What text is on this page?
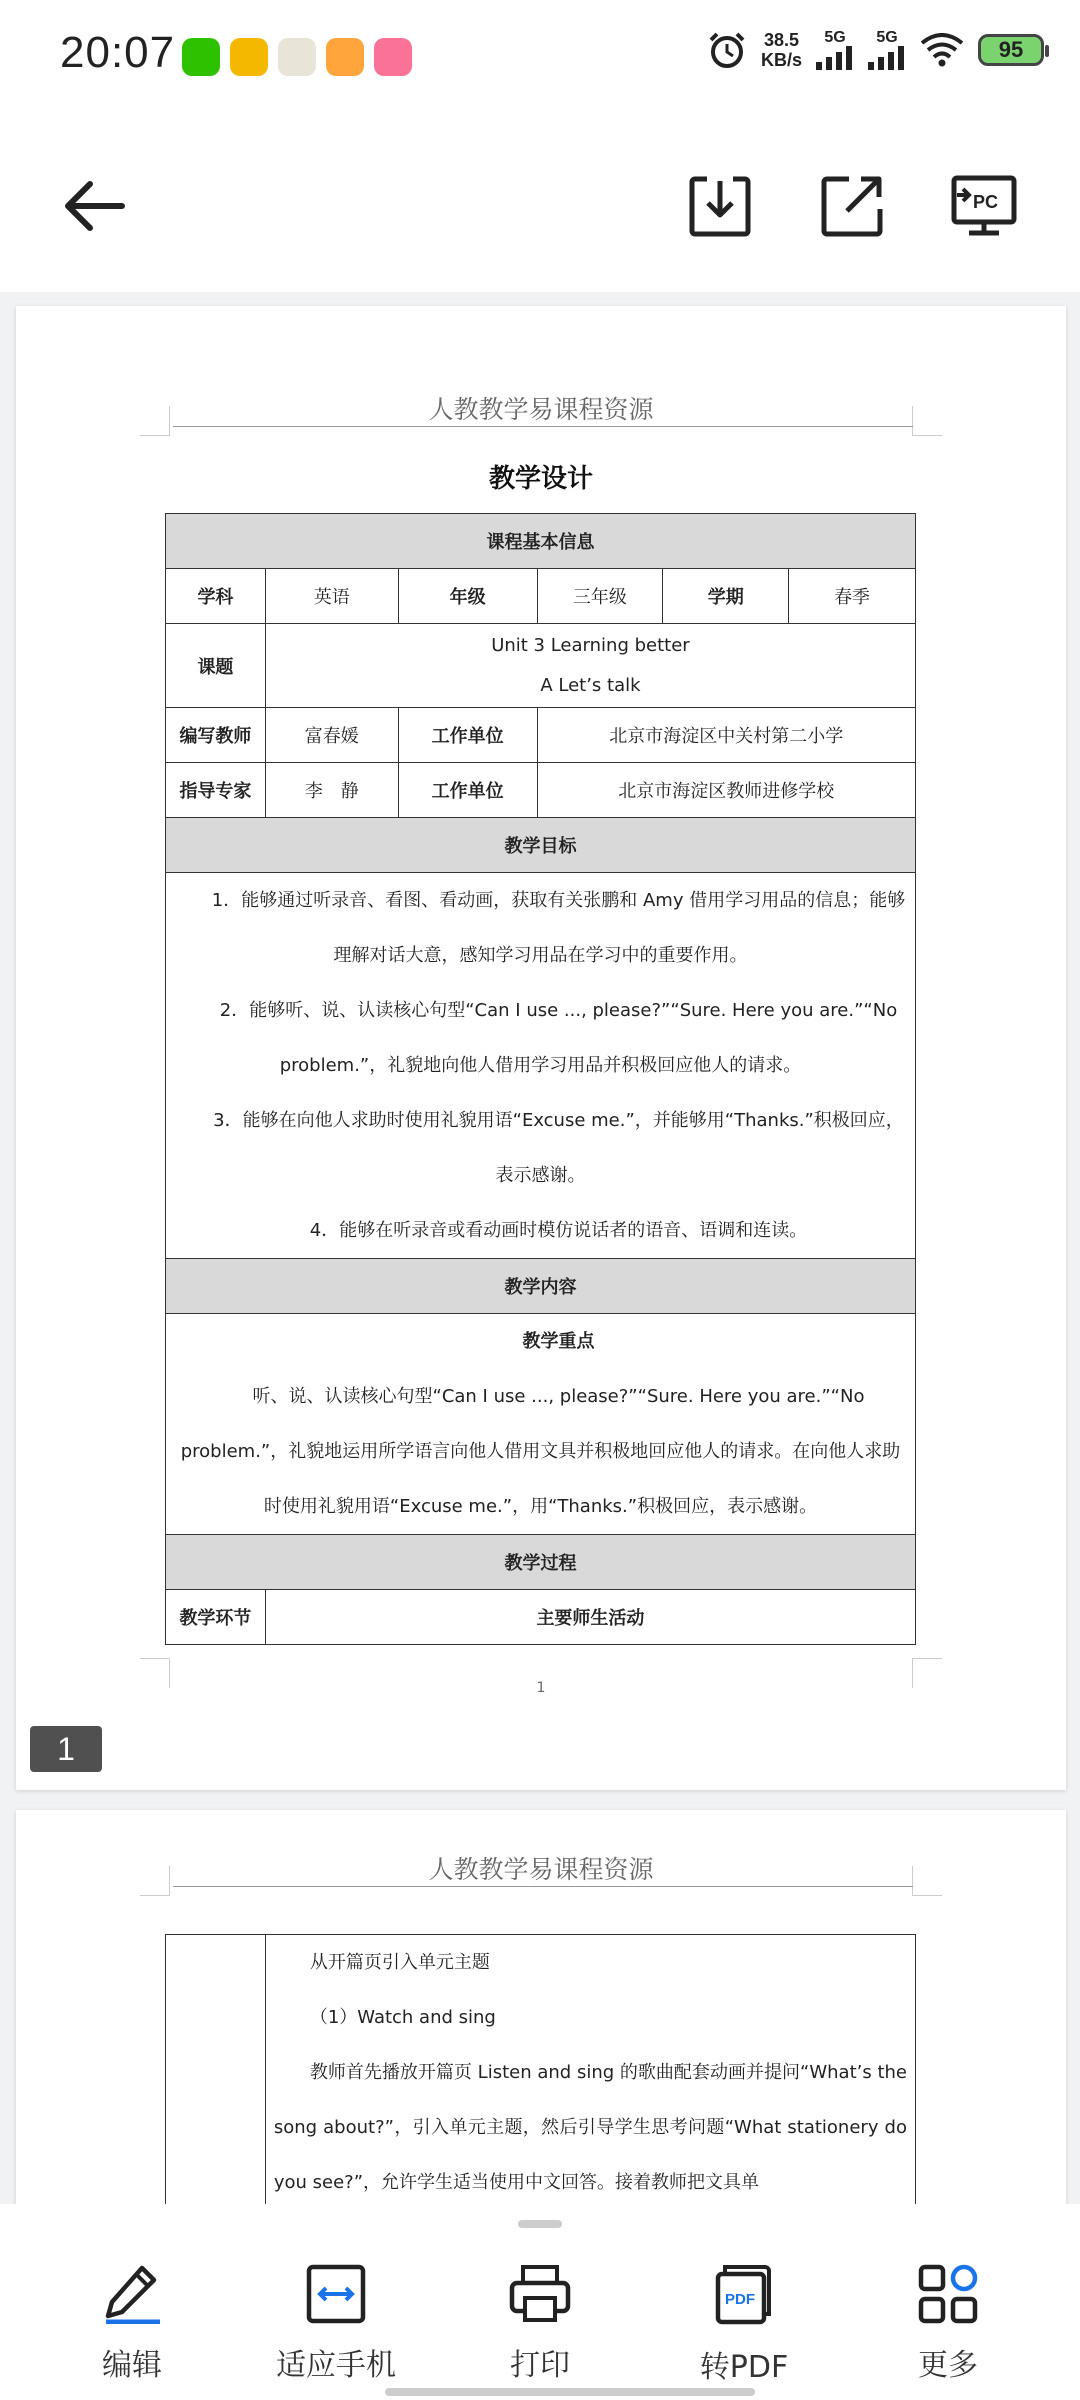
20:07	38.5
KB/s
5G 5G	95
PC
人教教学易课程资源
教学设计
课程基本信息					
学科	英语	年级	三年级	学期	春季
课题	Unit 3 Learning better
A Let’s talk				

编写教师	富春媛	工作单位	北京市海淀区中关村第二小学		
指导专家	李　静	工作单位	北京市海淀区教师进修学校		
教学目标					

1．能够通过听录音、看图、看动画，获取有关张鹏和 Amy 借用学习用品的信息；能够理解对话大意，感知学习用品在学习中的重要作用。
2．能够听、说、认读核心句型“Can I use ..., please?”“Sure. Here you are.”“No problem.”，礼貌地向他人借用学习用品并积极回应他人的请求。
3．能够在向他人求助时使用礼貌用语“Excuse me.”，并能够用“Thanks.”积极回应，表示感谢。
4．能够在听录音或看动画时模仿说话者的语音、语调和连读。					

教学内容					

教学重点
听、说、认读核心句型“Can I use ..., please?”“Sure. Here you are.”“No problem.”，礼貌地运用所学语言向他人借用文具并积极地回应他人的请求。在向他人求助时使用礼貌用语“Excuse me.”，用“Thanks.”积极回应，表示感谢。					

教学过程					
教学环节	主要师生活动				
1
1
人教教学易课程资源

从开篇页引入单元主题
（1）Watch and sing
教师首先播放开篇页 Listen and sing 的歌曲配套动画并提问“What’s the song about?”，引入单元主题，然后引导学生思考问题“What stationery do you see?”，允许学生适当使用中文回答。接着教师把文具单
编辑	适应手机	打印
PDF
转PDF	更多
